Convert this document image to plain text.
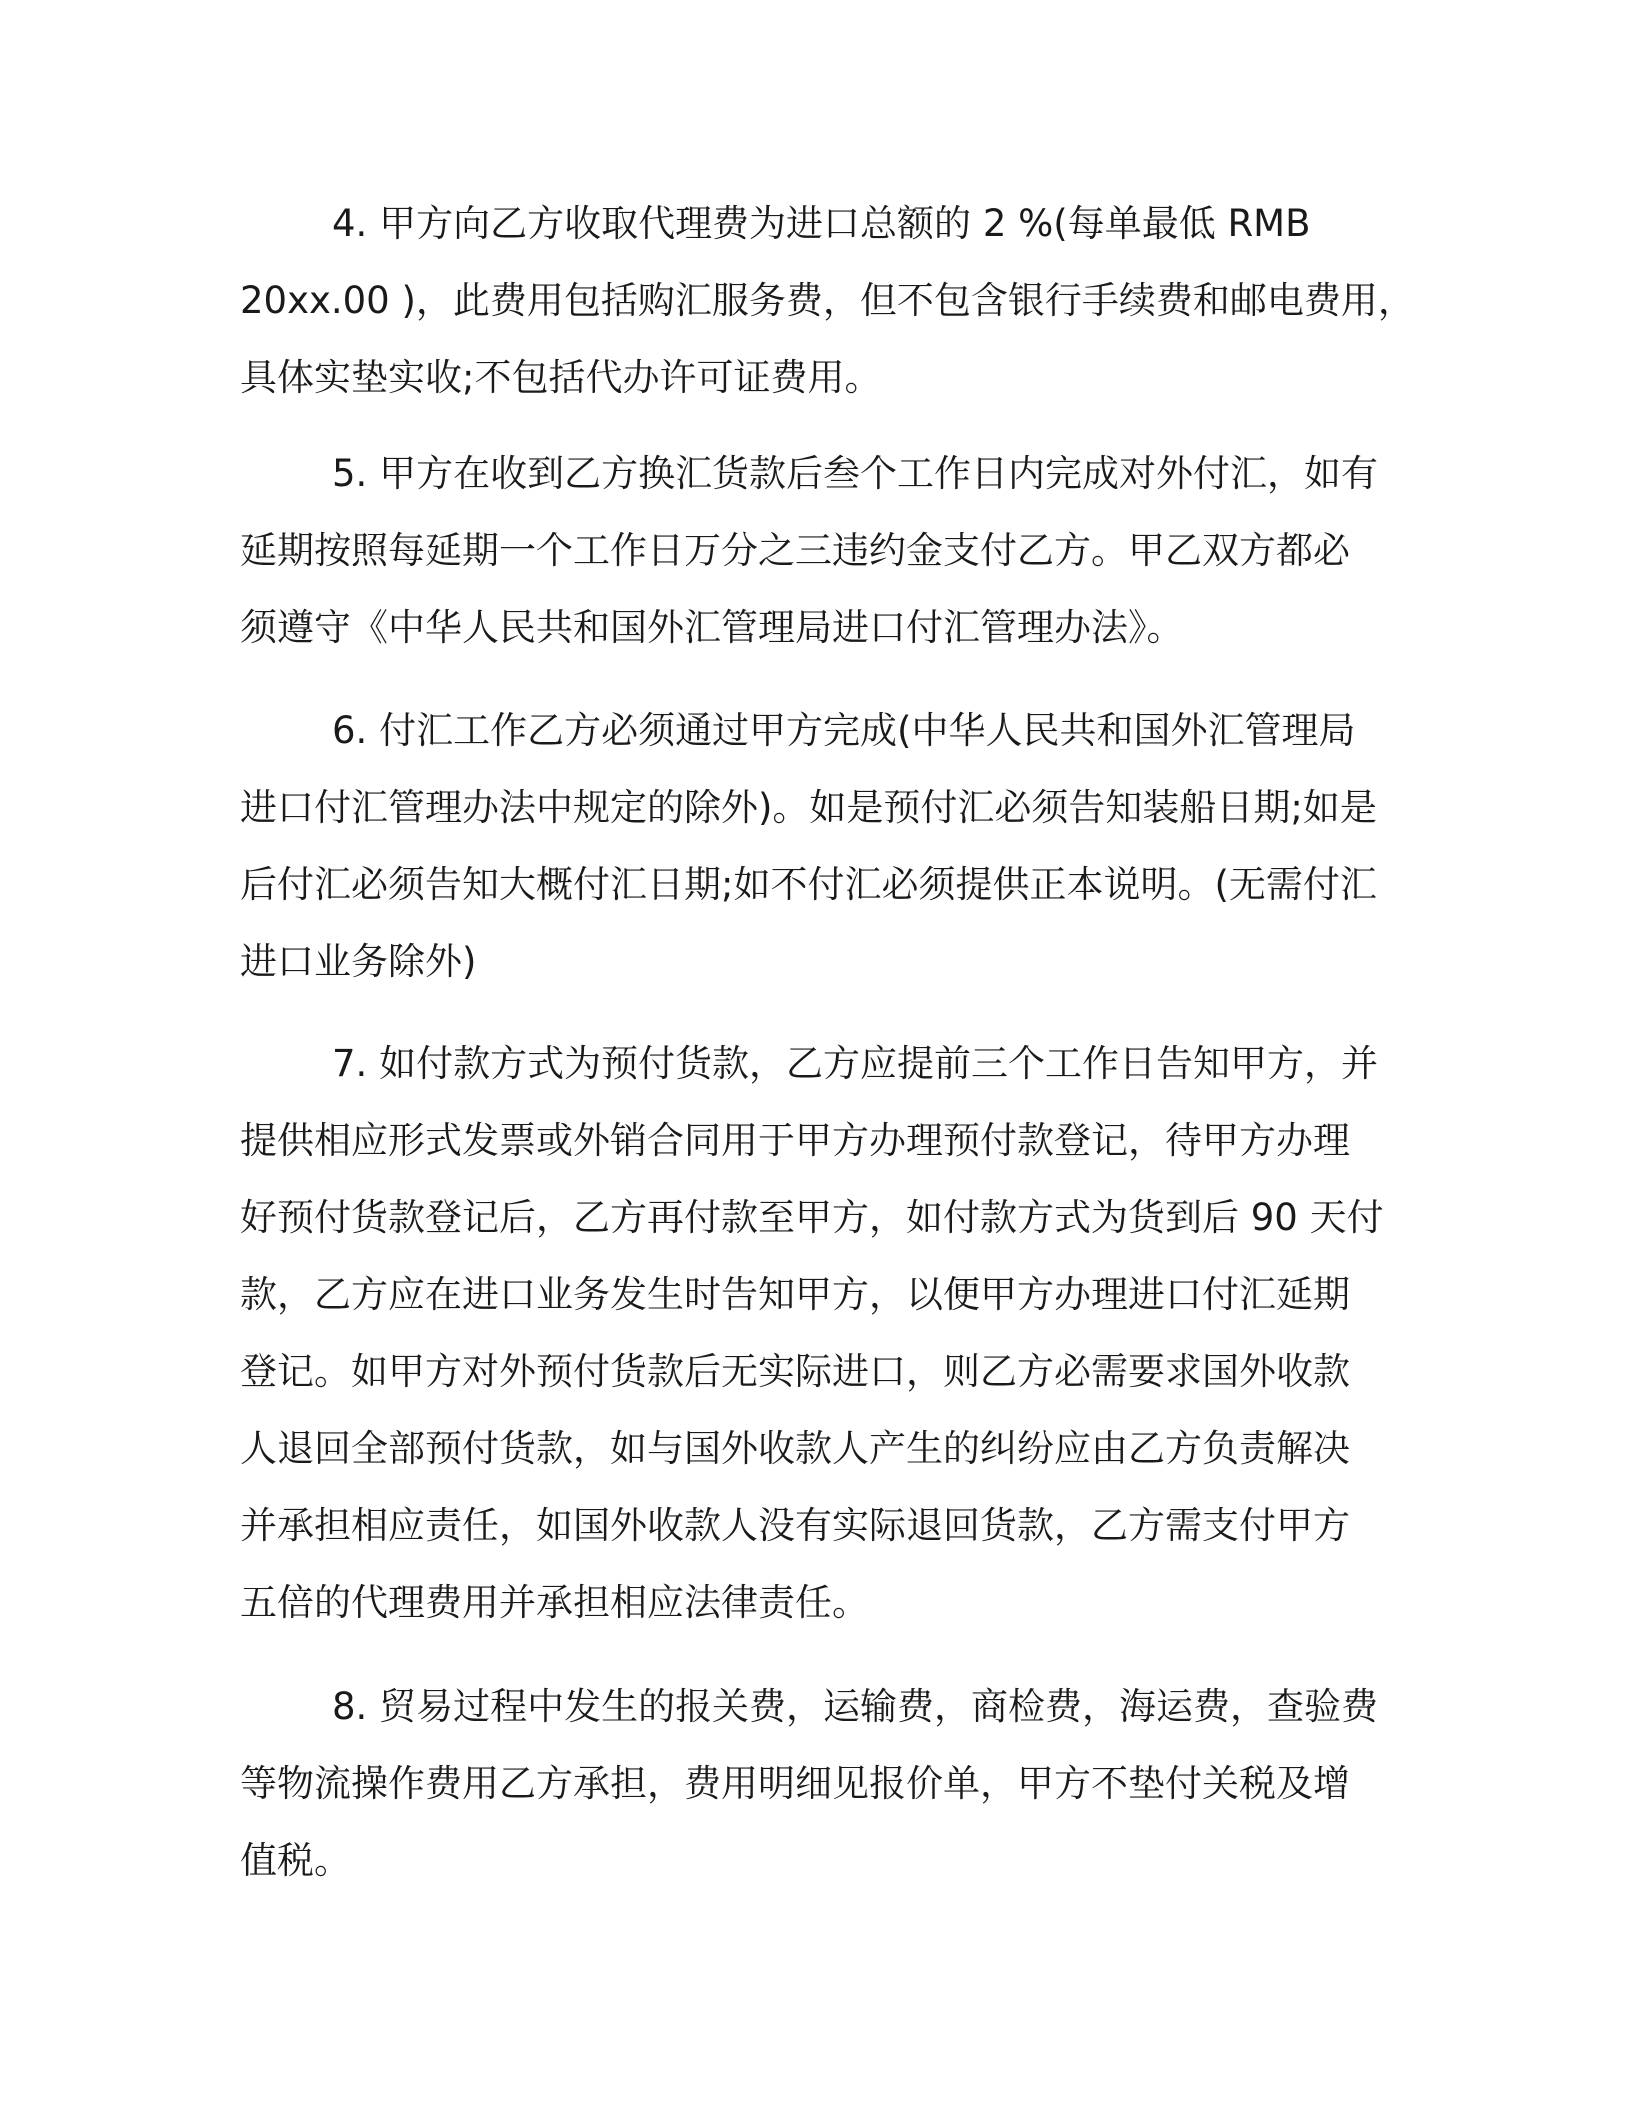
4. 甲方向乙方收取代理费为进口总额的 2 %(每单最低 RMB
20xx.00 )，此费用包括购汇服务费，但不包含银行手续费和邮电费用，
具体实垫实收;不包括代办许可证费用。
5. 甲方在收到乙方换汇货款后叁个工作日内完成对外付汇，如有
延期按照每延期一个工作日万分之三违约金支付乙方。甲乙双方都必
须遵守《中华人民共和国外汇管理局进口付汇管理办法》。
6. 付汇工作乙方必须通过甲方完成(中华人民共和国外汇管理局
进口付汇管理办法中规定的除外)。如是预付汇必须告知装船日期;如是
后付汇必须告知大概付汇日期;如不付汇必须提供正本说明。(无需付汇
进口业务除外)
7. 如付款方式为预付货款，乙方应提前三个工作日告知甲方，并
提供相应形式发票或外销合同用于甲方办理预付款登记，待甲方办理
好预付货款登记后，乙方再付款至甲方，如付款方式为货到后 90 天付
款，乙方应在进口业务发生时告知甲方，以便甲方办理进口付汇延期
登记。如甲方对外预付货款后无实际进口，则乙方必需要求国外收款
人退回全部预付货款，如与国外收款人产生的纠纷应由乙方负责解决
并承担相应责任，如国外收款人没有实际退回货款，乙方需支付甲方
五倍的代理费用并承担相应法律责任。
8. 贸易过程中发生的报关费，运输费，商检费，海运费，查验费
等物流操作费用乙方承担，费用明细见报价单，甲方不垫付关税及增
值税。
